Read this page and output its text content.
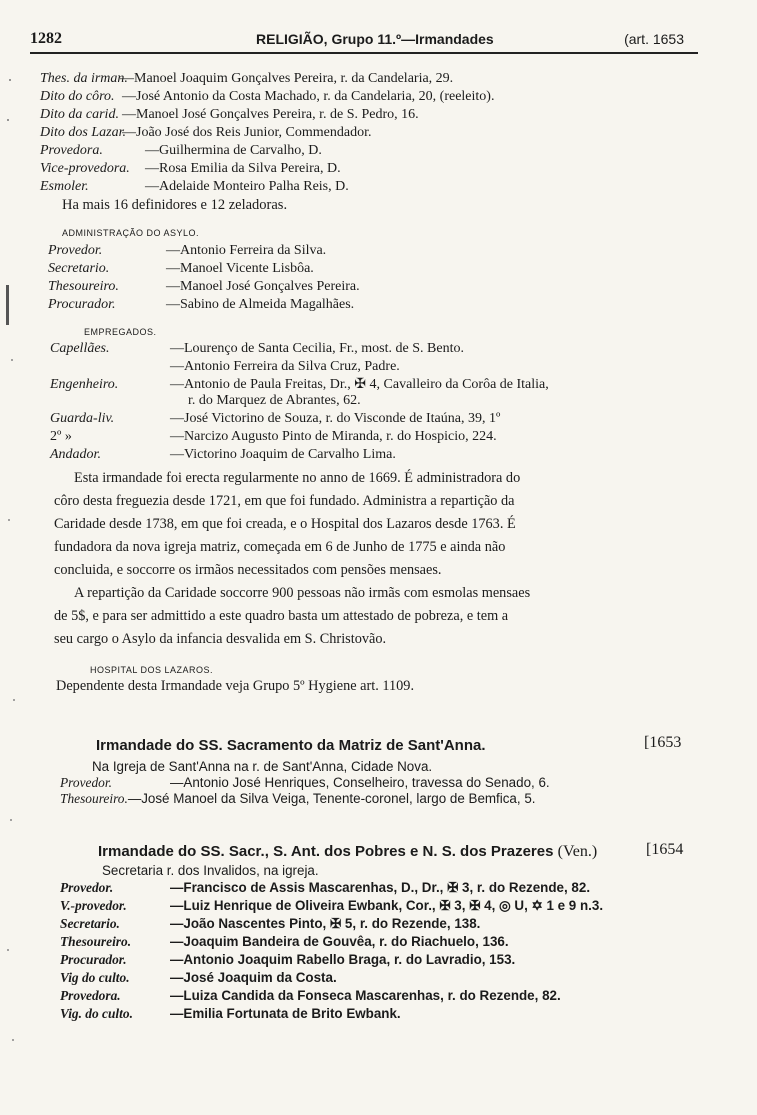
1282	RELIGIÃO, Grupo 11.º—Irmandades	(art. 1653
Thes. da irman.—Manoel Joaquim Gonçalves Pereira, r. da Candelaria, 29.
Dito do côro. —José Antonio da Costa Machado, r. da Candelaria, 20, (reeleito).
Dito da carid. —Manoel José Gonçalves Pereira, r. de S. Pedro, 16.
Dito dos Lazar.—João José dos Reis Junior, Commendador.
Provedora.	—Guilhermina de Carvalho, D.
Vice-provedora. —Rosa Emilia da Silva Pereira, D.
Esmoler.	—Adelaide Monteiro Palha Reis, D.
Ha mais 16 definidores e 12 zeladoras.
ADMINISTRAÇÃO DO ASYLO.
Provedor.	—Antonio Ferreira da Silva.
Secretario.	—Manoel Vicente Lisbôa.
Thesoureiro.	—Manoel José Gonçalves Pereira.
Procurador.	—Sabino de Almeida Magalhães.
EMPREGADOS.
Capellães.	—Lourenço de Santa Cecilia, Fr., most. de S. Bento.
—Antonio Ferreira da Silva Cruz, Padre.
Engenheiro.	—Antonio de Paula Freitas, Dr., ✠ 4, Cavalleiro da Corôa de Italia,
r. do Marquez de Abrantes, 62.
Guarda-liv.	—José Victorino de Souza, r. do Visconde de Itaúna, 39, 1º
2º »	—Narcizo Augusto Pinto de Miranda, r. do Hospicio, 224.
Andador.	—Victorino Joaquim de Carvalho Lima.
Esta irmandade foi erecta regularmente no anno de 1669. É administradora do
côro desta freguezia desde 1721, em que foi fundado. Administra a repartição da
Caridade desde 1738, em que foi creada, e o Hospital dos Lazaros desde 1763. É
fundadora da nova igreja matriz, começada em 6 de Junho de 1775 e ainda não
concluida, e soccorre os irmãos necessitados com pensões mensaes.
A repartição da Caridade soccorre 900 pessoas não irmãs com esmolas mensaes
de 5$, e para ser admittido a este quadro basta um attestado de pobreza, e tem a
seu cargo o Asylo da infancia desvalida em S. Christovão.
HOSPITAL DOS LAZAROS.
Dependente desta Irmandade veja Grupo 5º Hygiene art. 1109.
Irmandade do SS. Sacramento da Matriz de Sant'Anna.	[1653
Na Igreja de Sant'Anna na r. de Sant'Anna, Cidade Nova.
Provedor.	—Antonio José Henriques, Conselheiro, travessa do Senado, 6.
Thesoureiro.—José Manoel da Silva Veiga, Tenente-coronel, largo de Bemfica, 5.
Irmandade do SS. Sacr., S. Ant. dos Pobres e N. S. dos Prazeres (Ven.)	[1654
Secretaria r. dos Invalidos, na igreja.
Provedor.	—Francisco de Assis Mascarenhas, D., Dr., ✠ 3, r. do Rezende, 82.
V.-provedor.	—Luiz Henrique de Oliveira Ewbank, Cor., ✠ 3, ✠ 4, ◎ U, ✡ 1 e 9 n.3.
Secretario.	—João Nascentes Pinto, ✠ 5, r. do Rezende, 138.
Thesoureiro.	—Joaquim Bandeira de Gouvêa, r. do Riachuelo, 136.
Procurador.	—Antonio Joaquim Rabello Braga, r. do Lavradio, 153.
Vig do culto.	—José Joaquim da Costa.
Provedora.	—Luiza Candida da Fonseca Mascarenhas, r. do Rezende, 82.
Vig. do culto.	—Emilia Fortunata de Brito Ewbank.
